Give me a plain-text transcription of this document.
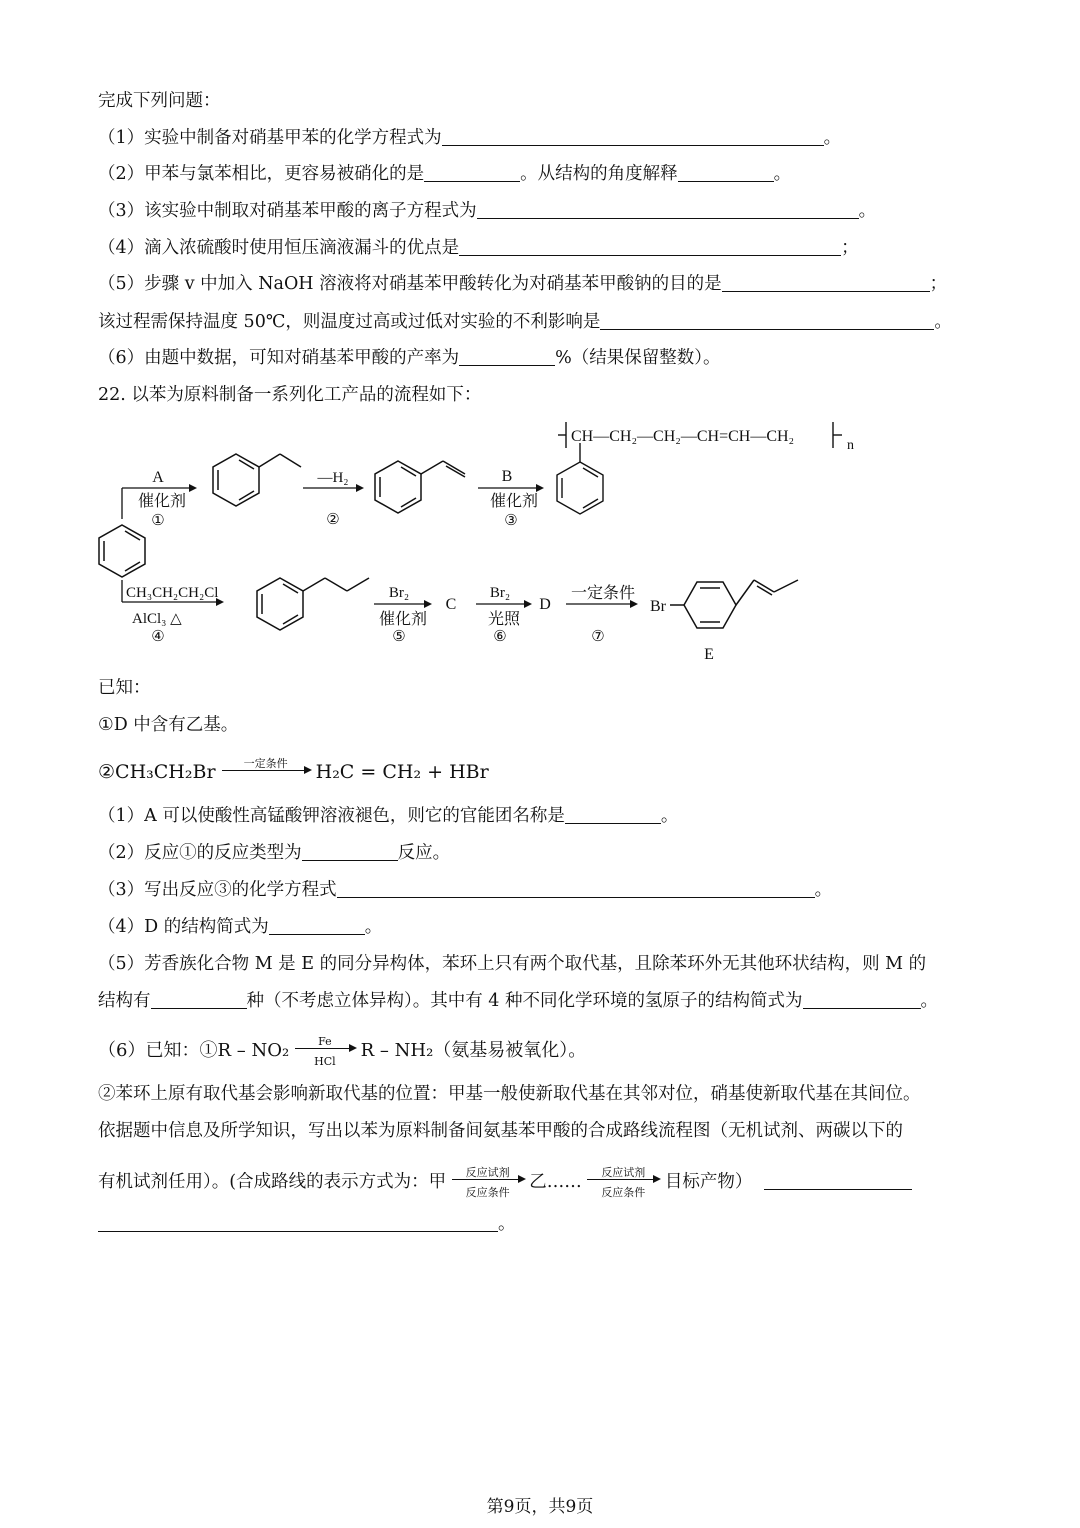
完成下列问题：
（1）实验中制备对硝基甲苯的化学方程式为	。
（2）甲苯与氯苯相比，更容易被硝化的是	。从结构的角度解释	。
（3）该实验中制取对硝基苯甲酸的离子方程式为	。
（4）滴入浓硫酸时使用恒压滴液漏斗的优点是	；
（5）步骤 v 中加入 NaOH 溶液将对硝基苯甲酸转化为对硝基苯甲酸钠的目的是	；
该过程需保持温度 50℃，则温度过高或过低对实验的不利影响是	。
（6）由题中数据，可知对硝基苯甲酸的产率为	%（结果保留整数）。
22. 以苯为原料制备一系列化工产品的流程如下：
A
催化剂
①
—H₂
②
B
催化剂
③
CH—CH₂—CH₂—CH=CH—CH₂
n
CH₃CH₂CH₂Cl
AlCl₃ △
④
Br₂
催化剂
⑤
C
Br₂
光照
⑥
D
一定条件
⑦
Br
E
已知：
①D 中含有乙基。
②CH₃CH₂Br	一定条件	H₂C = CH₂ + HBr
（1）A 可以使酸性高锰酸钾溶液褪色，则它的官能团名称是	。
（2）反应①的反应类型为	反应。
（3）写出反应③的化学方程式	。
（4）D 的结构简式为	。
（5）芳香族化合物 M 是 E 的同分异构体，苯环上只有两个取代基，且除苯环外无其他环状结构，则 M 的
结构有	种（不考虑立体异构）。其中有 4 种不同化学环境的氢原子的结构简式为	。
（6）已知：①R – NO₂	Fe
HCl
R – NH₂（氨基易被氧化）。
②苯环上原有取代基会影响新取代基的位置：甲基一般使新取代基在其邻对位，硝基使新取代基在其间位。
依据题中信息及所学知识，写出以苯为原料制备间氨基苯甲酸的合成路线流程图（无机试剂、两碳以下的
有机试剂任用）。(合成路线的表示方式为：甲	反应试剂
反应条件
乙……	反应试剂
反应条件
目标产物）
。
第9页，共9页
